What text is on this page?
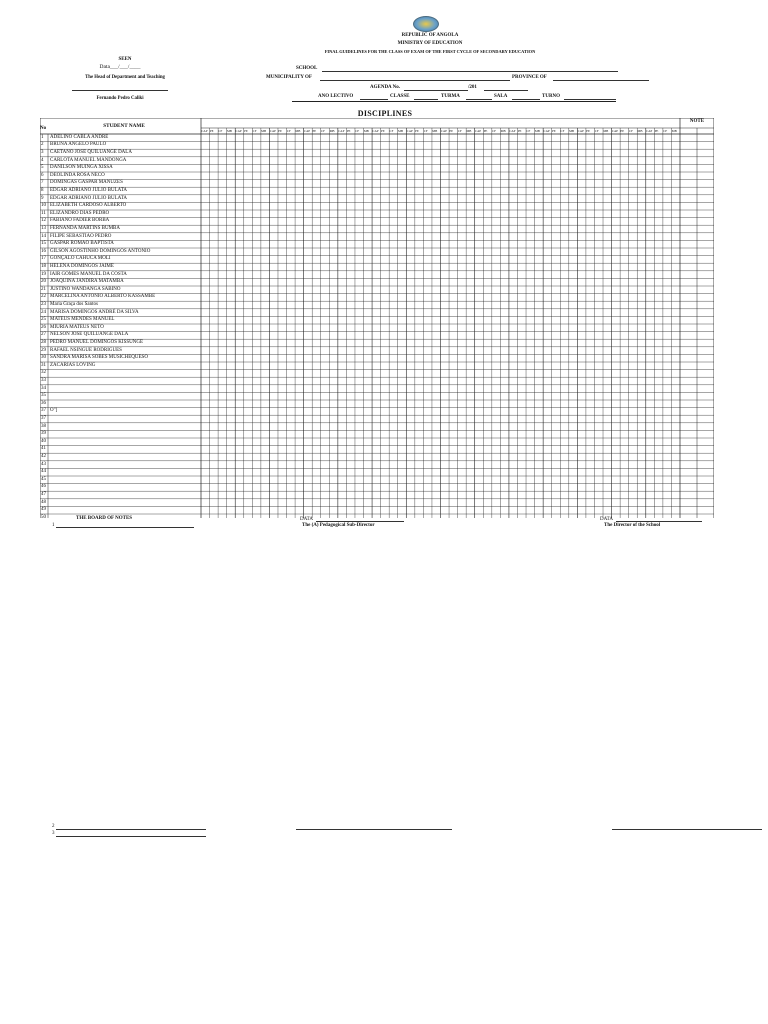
REPUBLIC OF ANGOLA
MINISTRY OF EDUCATION
FINAL GUIDELINES FOR THE CLASS OF EXAM OF THE FIRST CYCLE OF SECONDARY EDUCATION
SEEN
Data___/___/____
The Head of Department and Teaching
Fernando Pedro Caliki
SCHOOL
MUNICIPALITY OF	PROVINCE OF
AGENDA No.	/201
ANO LECTIVO	CLASSE	TURMA	SALA	TURNO
DISCIPLINES
No	STUDENT NAME
NOTE
CAP PE CF MB CAP PE CF MB CAP PE CF MB CAP PE CF MB CAP PE CF MB CAP PE CF MB CAP PE CF MB CAP PE CF MB CAP PE CF MB CAP PE CF MB CAP PE CF MB CAP PE CF MB CAP PE CF MB CAP PE CF MB
1 ADELINO CABLA ANDRE
2 BRUNA ANGELO PAULO
3 CAETANO JOSE QUILUANGE DALA
4 CARLOTA MANUEL MANDONGA
5 DANILSON MUINGA XISSA
6 DEOLINDA ROSA NECO
7 DOMINGAS GASPAR MANUZES
8 EDGAR ADRIANO JULIO BULATA
9 EDGAR ADRIANO JULIO BULATA
10 ELIZABETH CARDOSO ALBERTO
11 ELIZANDRO DIAS PEDRO
12 FABIANO FADIER BORBA
13 FERNANDA MARTINS BUMBA
14 FILIPE SEBASTIAO PEDRO
15 GASPAR ROMAO BAPTISTA
16 GILSON AGOSTINHO DOMINGOS ANTONIO
17 GONÇALO CAHUCA MOLI
18 HELENA DOMINGOS JAIME
19 IAIR GOMES MANUEL DA COSTA
20 JOAQUINA JANDIRA MATAMBA
21 JUSTINO WANDANGA SABINO
22 MARCELINA ANTONIO ALBERTO KASSAMBE
23 Maria Graça dos Santos
24 MARISA DOMINGOS ANDRÉ DA SILVA
25 MATEUS MENDES MANUEL
26 MIURIA MATEUS NETO
27 NELSON JOSE QUILUANGE DALA
28 PEDRO MANUEL DOMINGOS KISSUNGE
29 RAFAEL NSINGUE RODRIGUES
30 SANDRA MARISA SOBES MUSICHEQUESO
31 ZACARIAS LOVING
32
33
34
35
36
37 O"]
37
38
39
40
41
42
43
44
45
46
47
48
49
50	THE BOARD OF NOTES
1
DATA
The (A) Pedagogical Sub-Director
DATA
The Director of the School
2
3
